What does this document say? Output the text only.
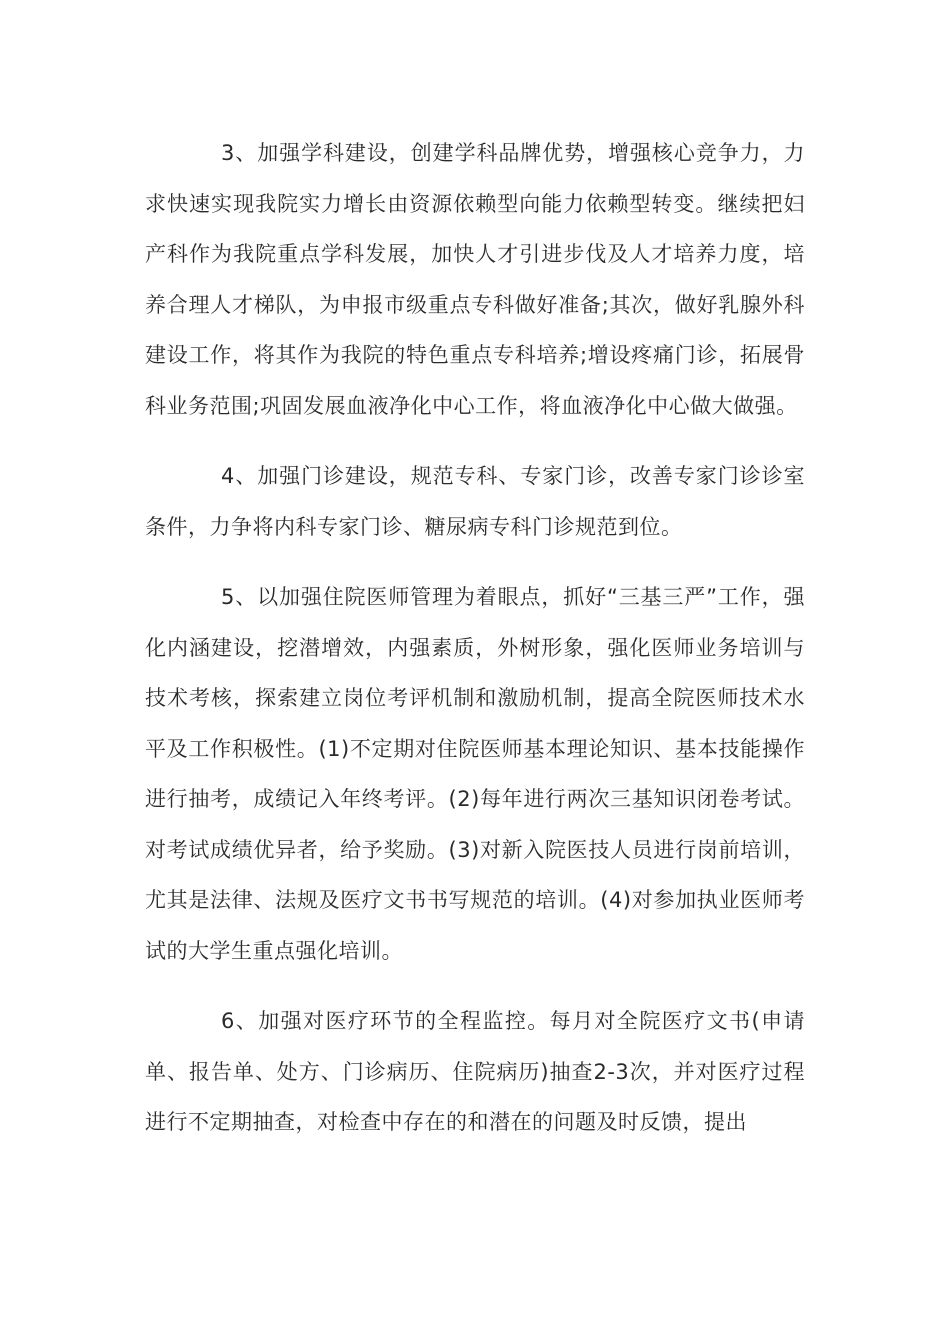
3、加强学科建设，创建学科品牌优势，增强核心竞争力，力求快速实现我院实力增长由资源依赖型向能力依赖型转变。继续把妇产科作为我院重点学科发展，加快人才引进步伐及人才培养力度，培养合理人才梯队，为申报市级重点专科做好准备;其次，做好乳腺外科建设工作，将其作为我院的特色重点专科培养;增设疼痛门诊，拓展骨科业务范围;巩固发展血液净化中心工作，将血液净化中心做大做强。

4、加强门诊建设，规范专科、专家门诊，改善专家门诊诊室条件，力争将内科专家门诊、糖尿病专科门诊规范到位。

5、以加强住院医师管理为着眼点，抓好“三基三严”工作，强化内涵建设，挖潜增效，内强素质，外树形象，强化医师业务培训与技术考核，探索建立岗位考评机制和激励机制，提高全院医师技术水平及工作积极性。(1)不定期对住院医师基本理论知识、基本技能操作进行抽考，成绩记入年终考评。(2)每年进行两次三基知识闭卷考试。对考试成绩优异者，给予奖励。(3)对新入院医技人员进行岗前培训，尤其是法律、法规及医疗文书书写规范的培训。(4)对参加执业医师考试的大学生重点强化培训。

6、加强对医疗环节的全程监控。每月对全院医疗文书(申请单、报告单、处方、门诊病历、住院病历)抽查2-3次，并对医疗过程进行不定期抽查，对检查中存在的和潜在的问题及时反馈，提出
